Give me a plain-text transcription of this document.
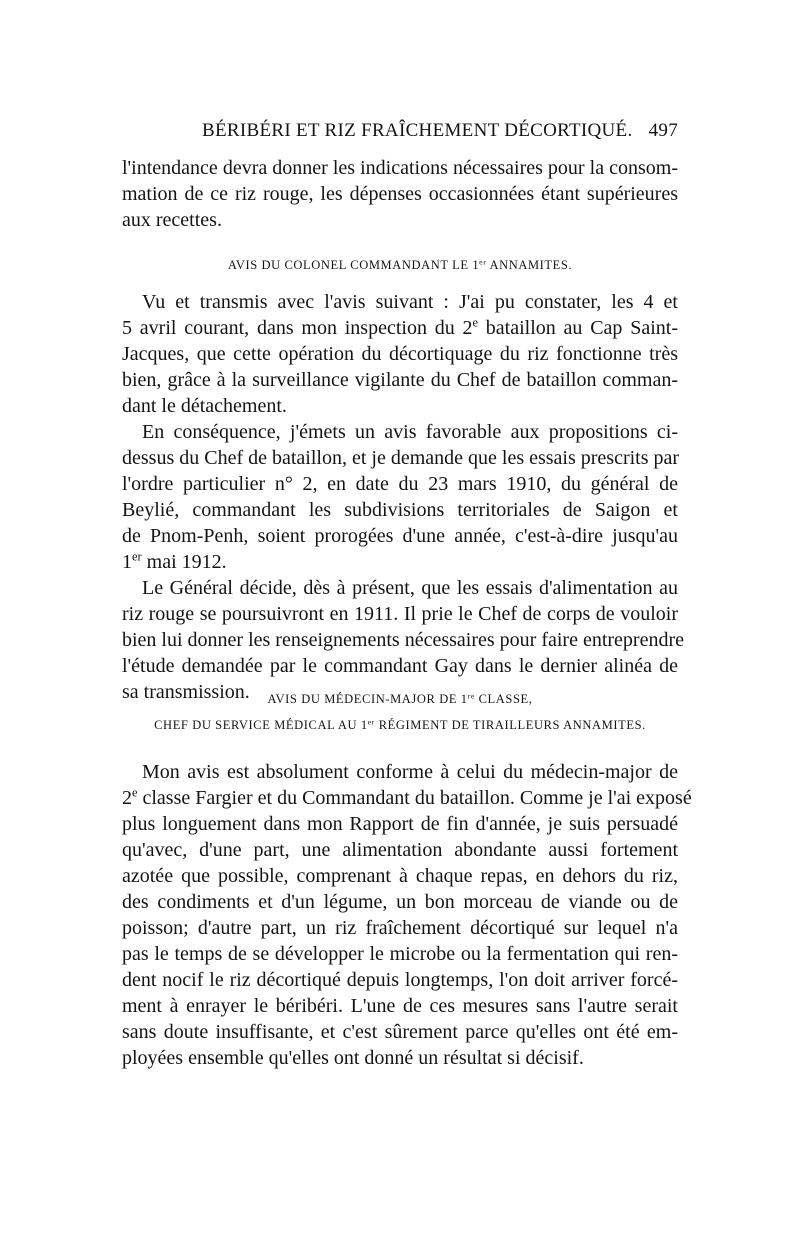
BÉRIBÉRI ET RIZ FRAÎCHEMENT DÉCORTIQUÉ. 497
l'intendance devra donner les indications nécessaires pour la consom-
mation de ce riz rouge, les dépenses occasionnées étant supérieures
aux recettes.
AVIS DU COLONEL COMMANDANT LE 1er ANNAMITES.
Vu et transmis avec l'avis suivant : J'ai pu constater, les 4 et
5 avril courant, dans mon inspection du 2e bataillon au Cap Saint-
Jacques, que cette opération du décortiquage du riz fonctionne très
bien, grâce à la surveillance vigilante du Chef de bataillon comman-
dant le détachement.
En conséquence, j'émets un avis favorable aux propositions ci-
dessus du Chef de bataillon, et je demande que les essais prescrits par
l'ordre particulier n° 2, en date du 23 mars 1910, du général de
Beylié, commandant les subdivisions territoriales de Saigon et
de Pnom-Penh, soient prorogées d'une année, c'est-à-dire jusqu'au
1er mai 1912.
Le Général décide, dès à présent, que les essais d'alimentation au
riz rouge se poursuivront en 1911. Il prie le Chef de corps de vouloir
bien lui donner les renseignements nécessaires pour faire entreprendre
l'étude demandée par le commandant Gay dans le dernier alinéa de
sa transmission.	AVIS DU MÉDECIN-MAJOR DE 1re CLASSE,
CHEF DU SERVICE MÉDICAL AU 1er RÉGIMENT DE TIRAILLEURS ANNAMITES.
Mon avis est absolument conforme à celui du médecin-major de
2e classe Fargier et du Commandant du bataillon. Comme je l'ai exposé
plus longuement dans mon Rapport de fin d'année, je suis persuadé
qu'avec, d'une part, une alimentation abondante aussi fortement
azotée que possible, comprenant à chaque repas, en dehors du riz,
des condiments et d'un légume, un bon morceau de viande ou de
poisson; d'autre part, un riz fraîchement décortiqué sur lequel n'a
pas le temps de se développer le microbe ou la fermentation qui ren-
dent nocif le riz décortiqué depuis longtemps, l'on doit arriver forcé-
ment à enrayer le béribéri. L'une de ces mesures sans l'autre serait
sans doute insuffisante, et c'est sûrement parce qu'elles ont été em-
ployées ensemble qu'elles ont donné un résultat si décisif.
